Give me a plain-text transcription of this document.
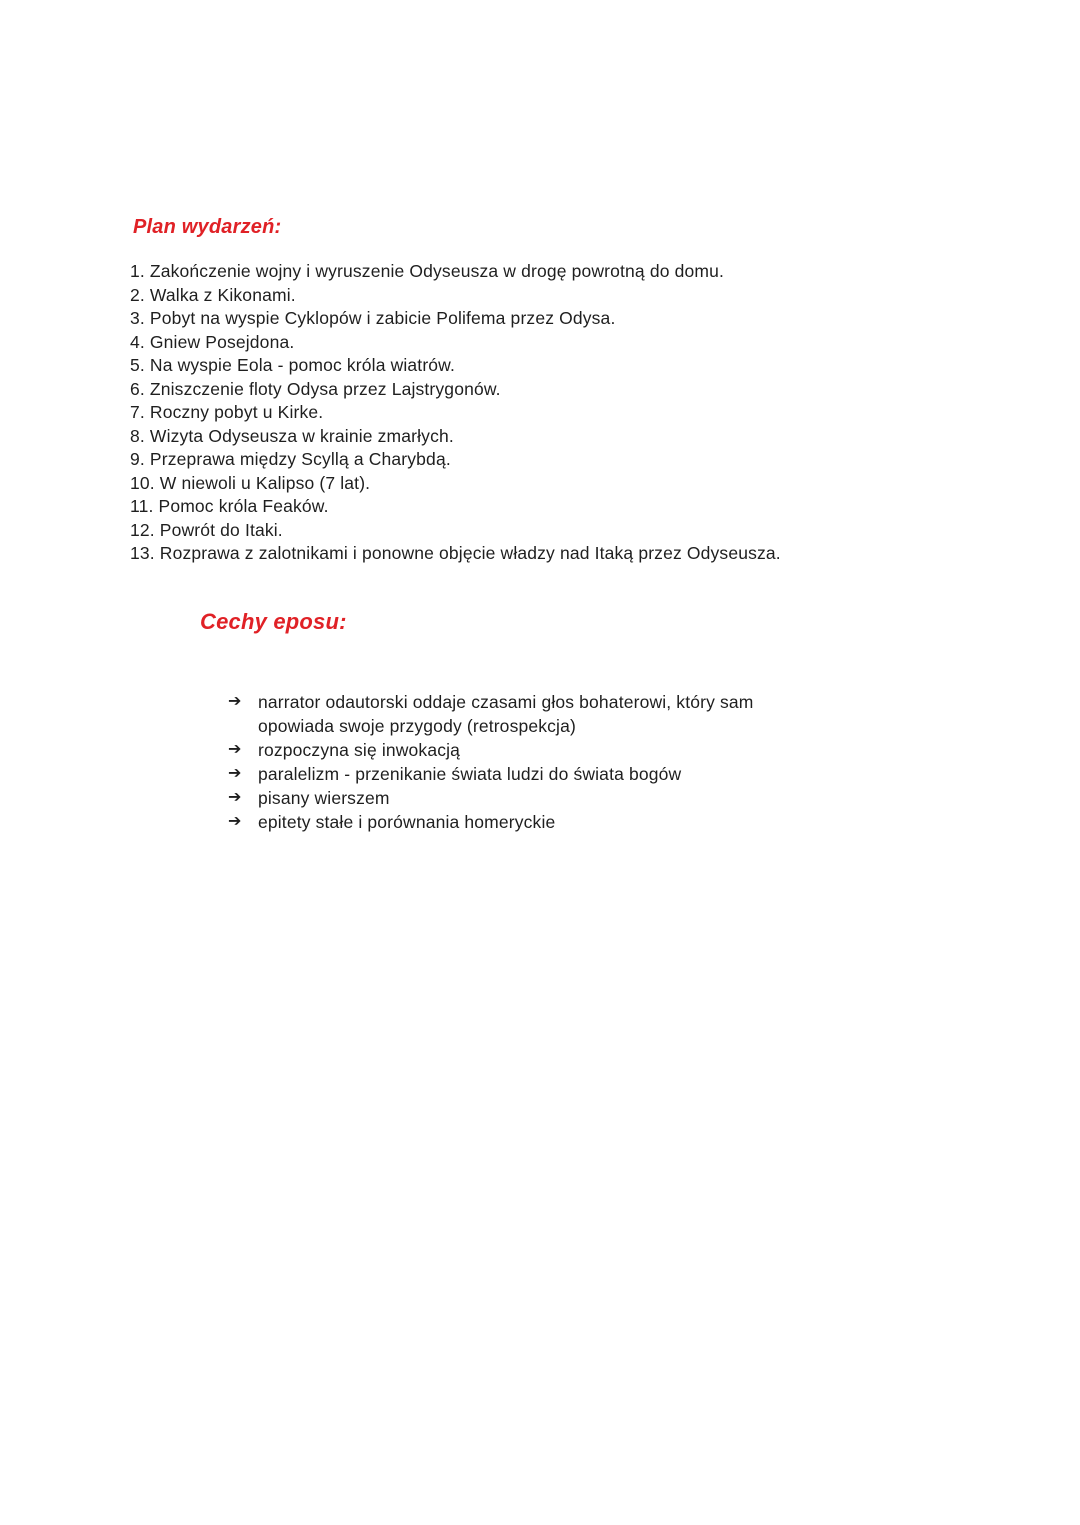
Plan wydarzeń:
1. Zakończenie wojny i wyruszenie Odyseusza w drogę powrotną do domu.
2. Walka z Kikonami.
3. Pobyt na wyspie Cyklopów i zabicie Polifema przez Odysa.
4. Gniew Posejdona.
5. Na wyspie Eola - pomoc króla wiatrów.
6. Zniszczenie floty Odysa przez Lajstrygonów.
7. Roczny pobyt u Kirke.
8. Wizyta Odyseusza w krainie zmarłych.
9. Przeprawa między Scyllą a Charybdą.
10. W niewoli u Kalipso (7 lat).
11. Pomoc króla Feaków.
12. Powrót do Itaki.
13. Rozprawa z zalotnikami i ponowne objęcie władzy nad Itaką przez Odyseusza.
Cechy eposu:
➔ narrator odautorski oddaje czasami głos bohaterowi, który sam opowiada swoje przygody (retrospekcja)
➔ rozpoczyna się inwokacją
➔ paralelizm - przenikanie świata ludzi do świata bogów
➔ pisany wierszem
➔ epitety stałe i porównania homeryckie
